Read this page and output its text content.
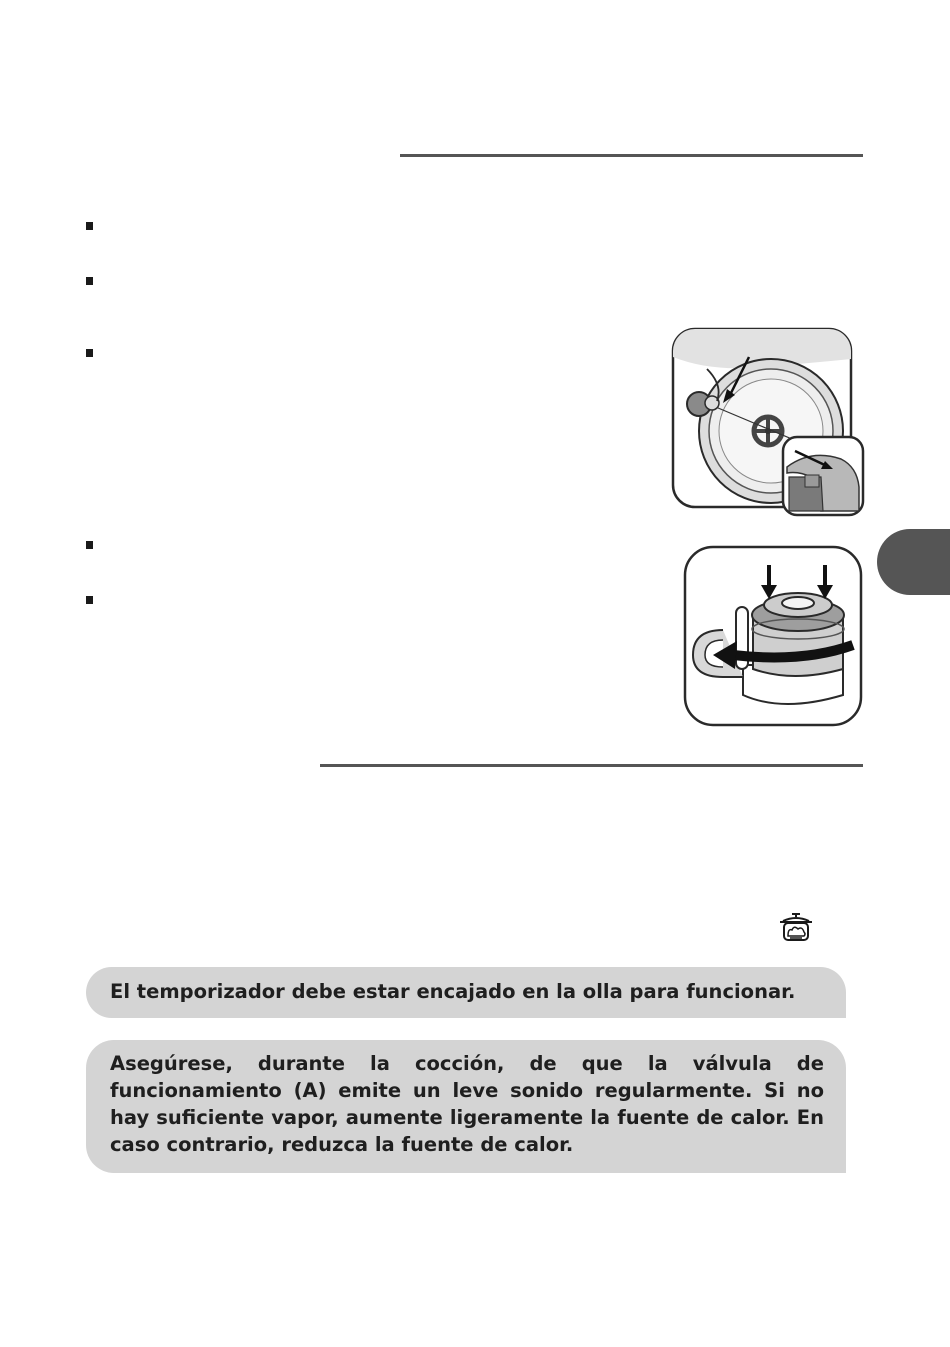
El temporizador debe estar encajado en la olla para funcionar.
Asegúrese, durante la cocción, de que la válvula de funcionamiento (A) emite un leve sonido regularmente. Si no hay suficiente vapor, aumente ligeramente la fuente de calor. En caso contrario, reduzca la fuente de calor.
